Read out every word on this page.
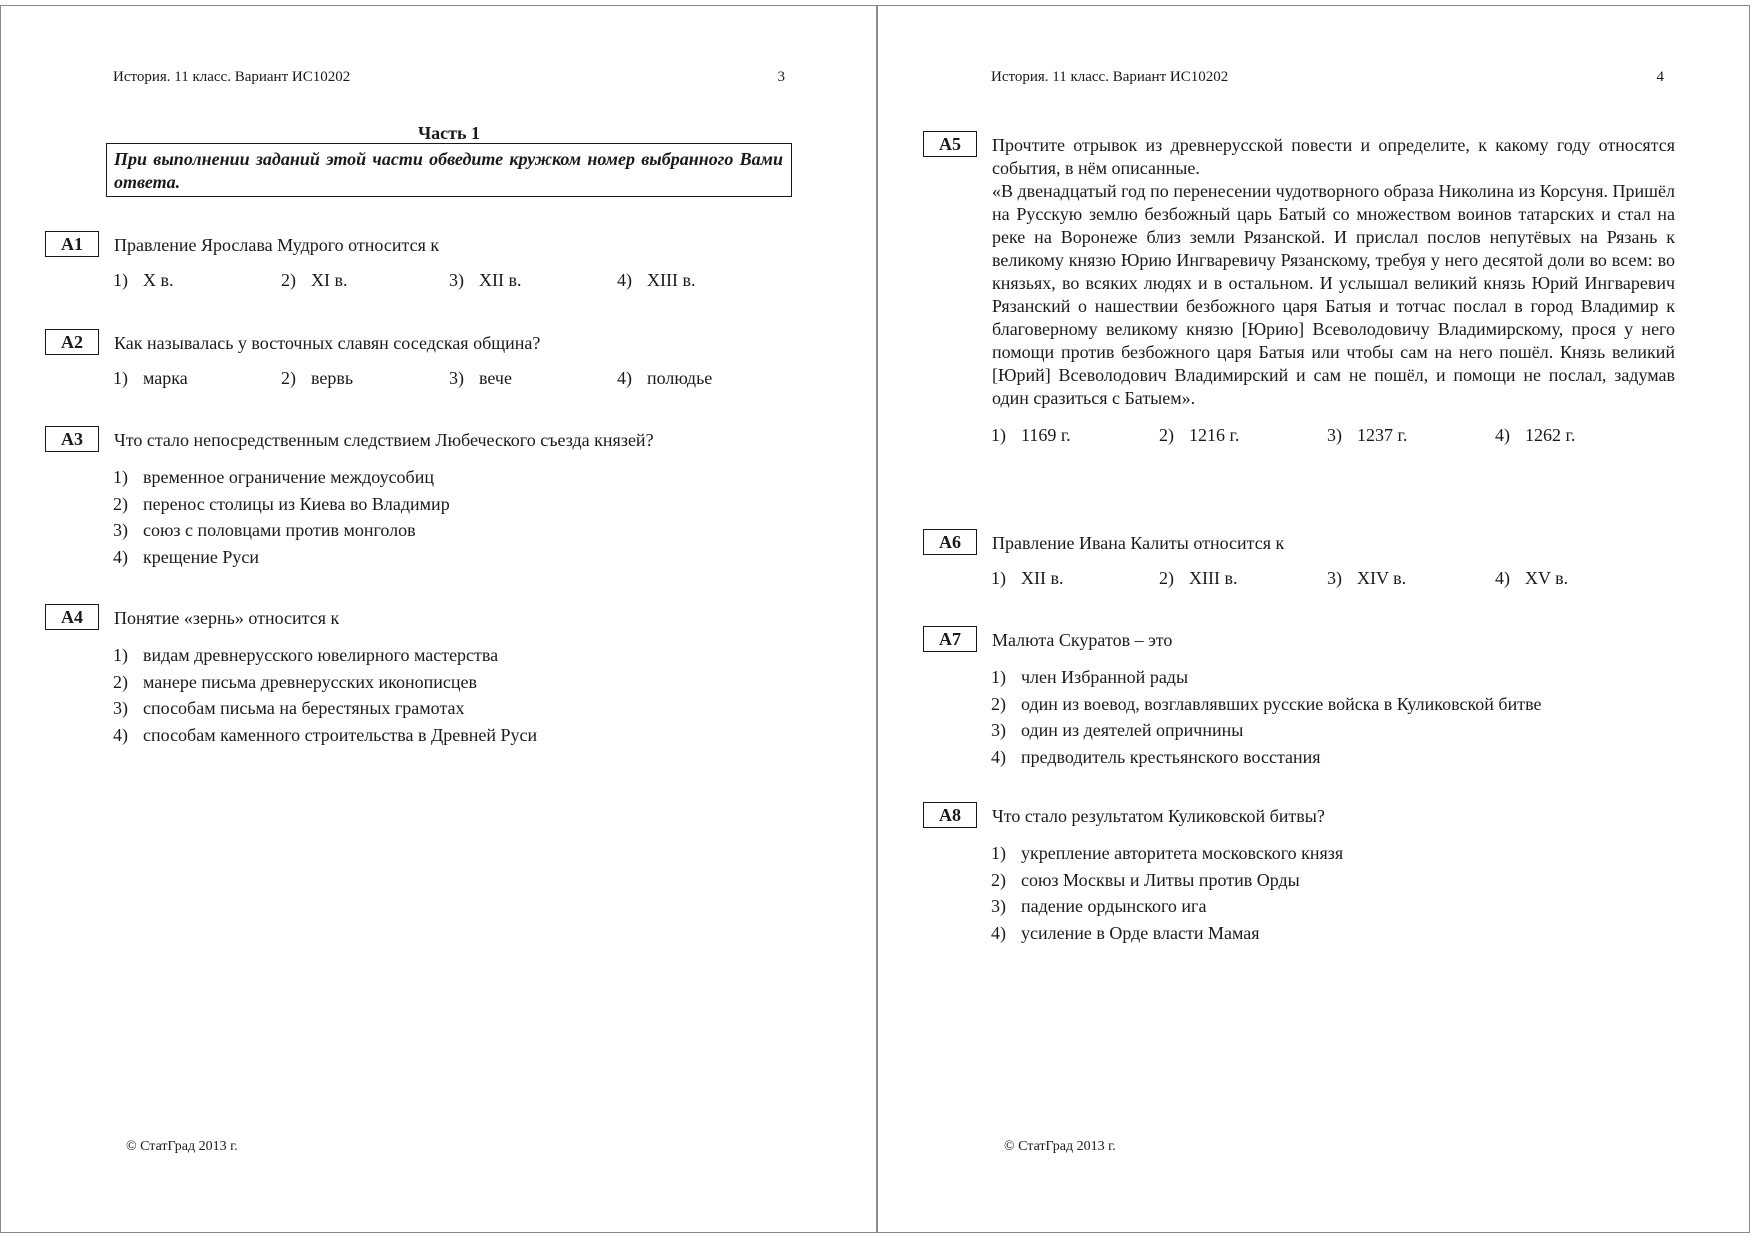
История. 11 класс. Вариант ИС10202	3
Часть 1
При выполнении заданий этой части обведите кружком номер выбранного Вами ответа.
A1	Правление Ярослава Мудрого относится к
1) X в.	2) XI в.	3) XII в.	4) XIII в.
A2	Как называлась у восточных славян соседская община?
1) марка	2) вервь	3) вече	4) полюдье
A3	Что стало непосредственным следствием Любеческого съезда князей?
1) временное ограничение междоусобиц
2) перенос столицы из Киева во Владимир
3) союз с половцами против монголов
4) крещение Руси
A4	Понятие «зернь» относится к
1) видам древнерусского ювелирного мастерства
2) манере письма древнерусских иконописцев
3) способам письма на берестяных грамотах
4) способам каменного строительства в Древней Руси
© СтатГрад 2013 г.
История. 11 класс. Вариант ИС10202	4
A5	Прочтите отрывок из древнерусской повести и определите, к какому году относятся события, в нём описанные.

«В двенадцатый год по перенесении чудотворного образа Николина из Корсуня. Пришёл на Русскую землю безбожный царь Батый со множеством воинов татарских и стал на реке на Воронеже близ земли Рязанской. И прислал послов непутёвых на Рязань к великому князю Юрию Ингваревичу Рязанскому, требуя у него десятой доли во всем: во князьях, во всяких людях и в остальном. И услышал великий князь Юрий Ингваревич Рязанский о нашествии безбожного царя Батыя и тотчас послал в город Владимир к благоверному великому князю [Юрию] Всеволодовичу Владимирскому, прося у него помощи против безбожного царя Батыя или чтобы сам на него пошёл. Князь великий [Юрий] Всеволодович Владимирский и сам не пошёл, и помощи не послал, задумав один сразиться с Батыем».

1) 1169 г.	2) 1216 г.	3) 1237 г.	4) 1262 г.
A6	Правление Ивана Калиты относится к
1) XII в.	2) XIII в.	3) XIV в.	4) XV в.
A7	Малюта Скуратов – это
1) член Избранной рады
2) один из воевод, возглавлявших русские войска в Куликовской битве
3) один из деятелей опричнины
4) предводитель крестьянского восстания
A8	Что стало результатом Куликовской битвы?
1) укрепление авторитета московского князя
2) союз Москвы и Литвы против Орды
3) падение ордынского ига
4) усиление в Орде власти Мамая
© СтатГрад 2013 г.
